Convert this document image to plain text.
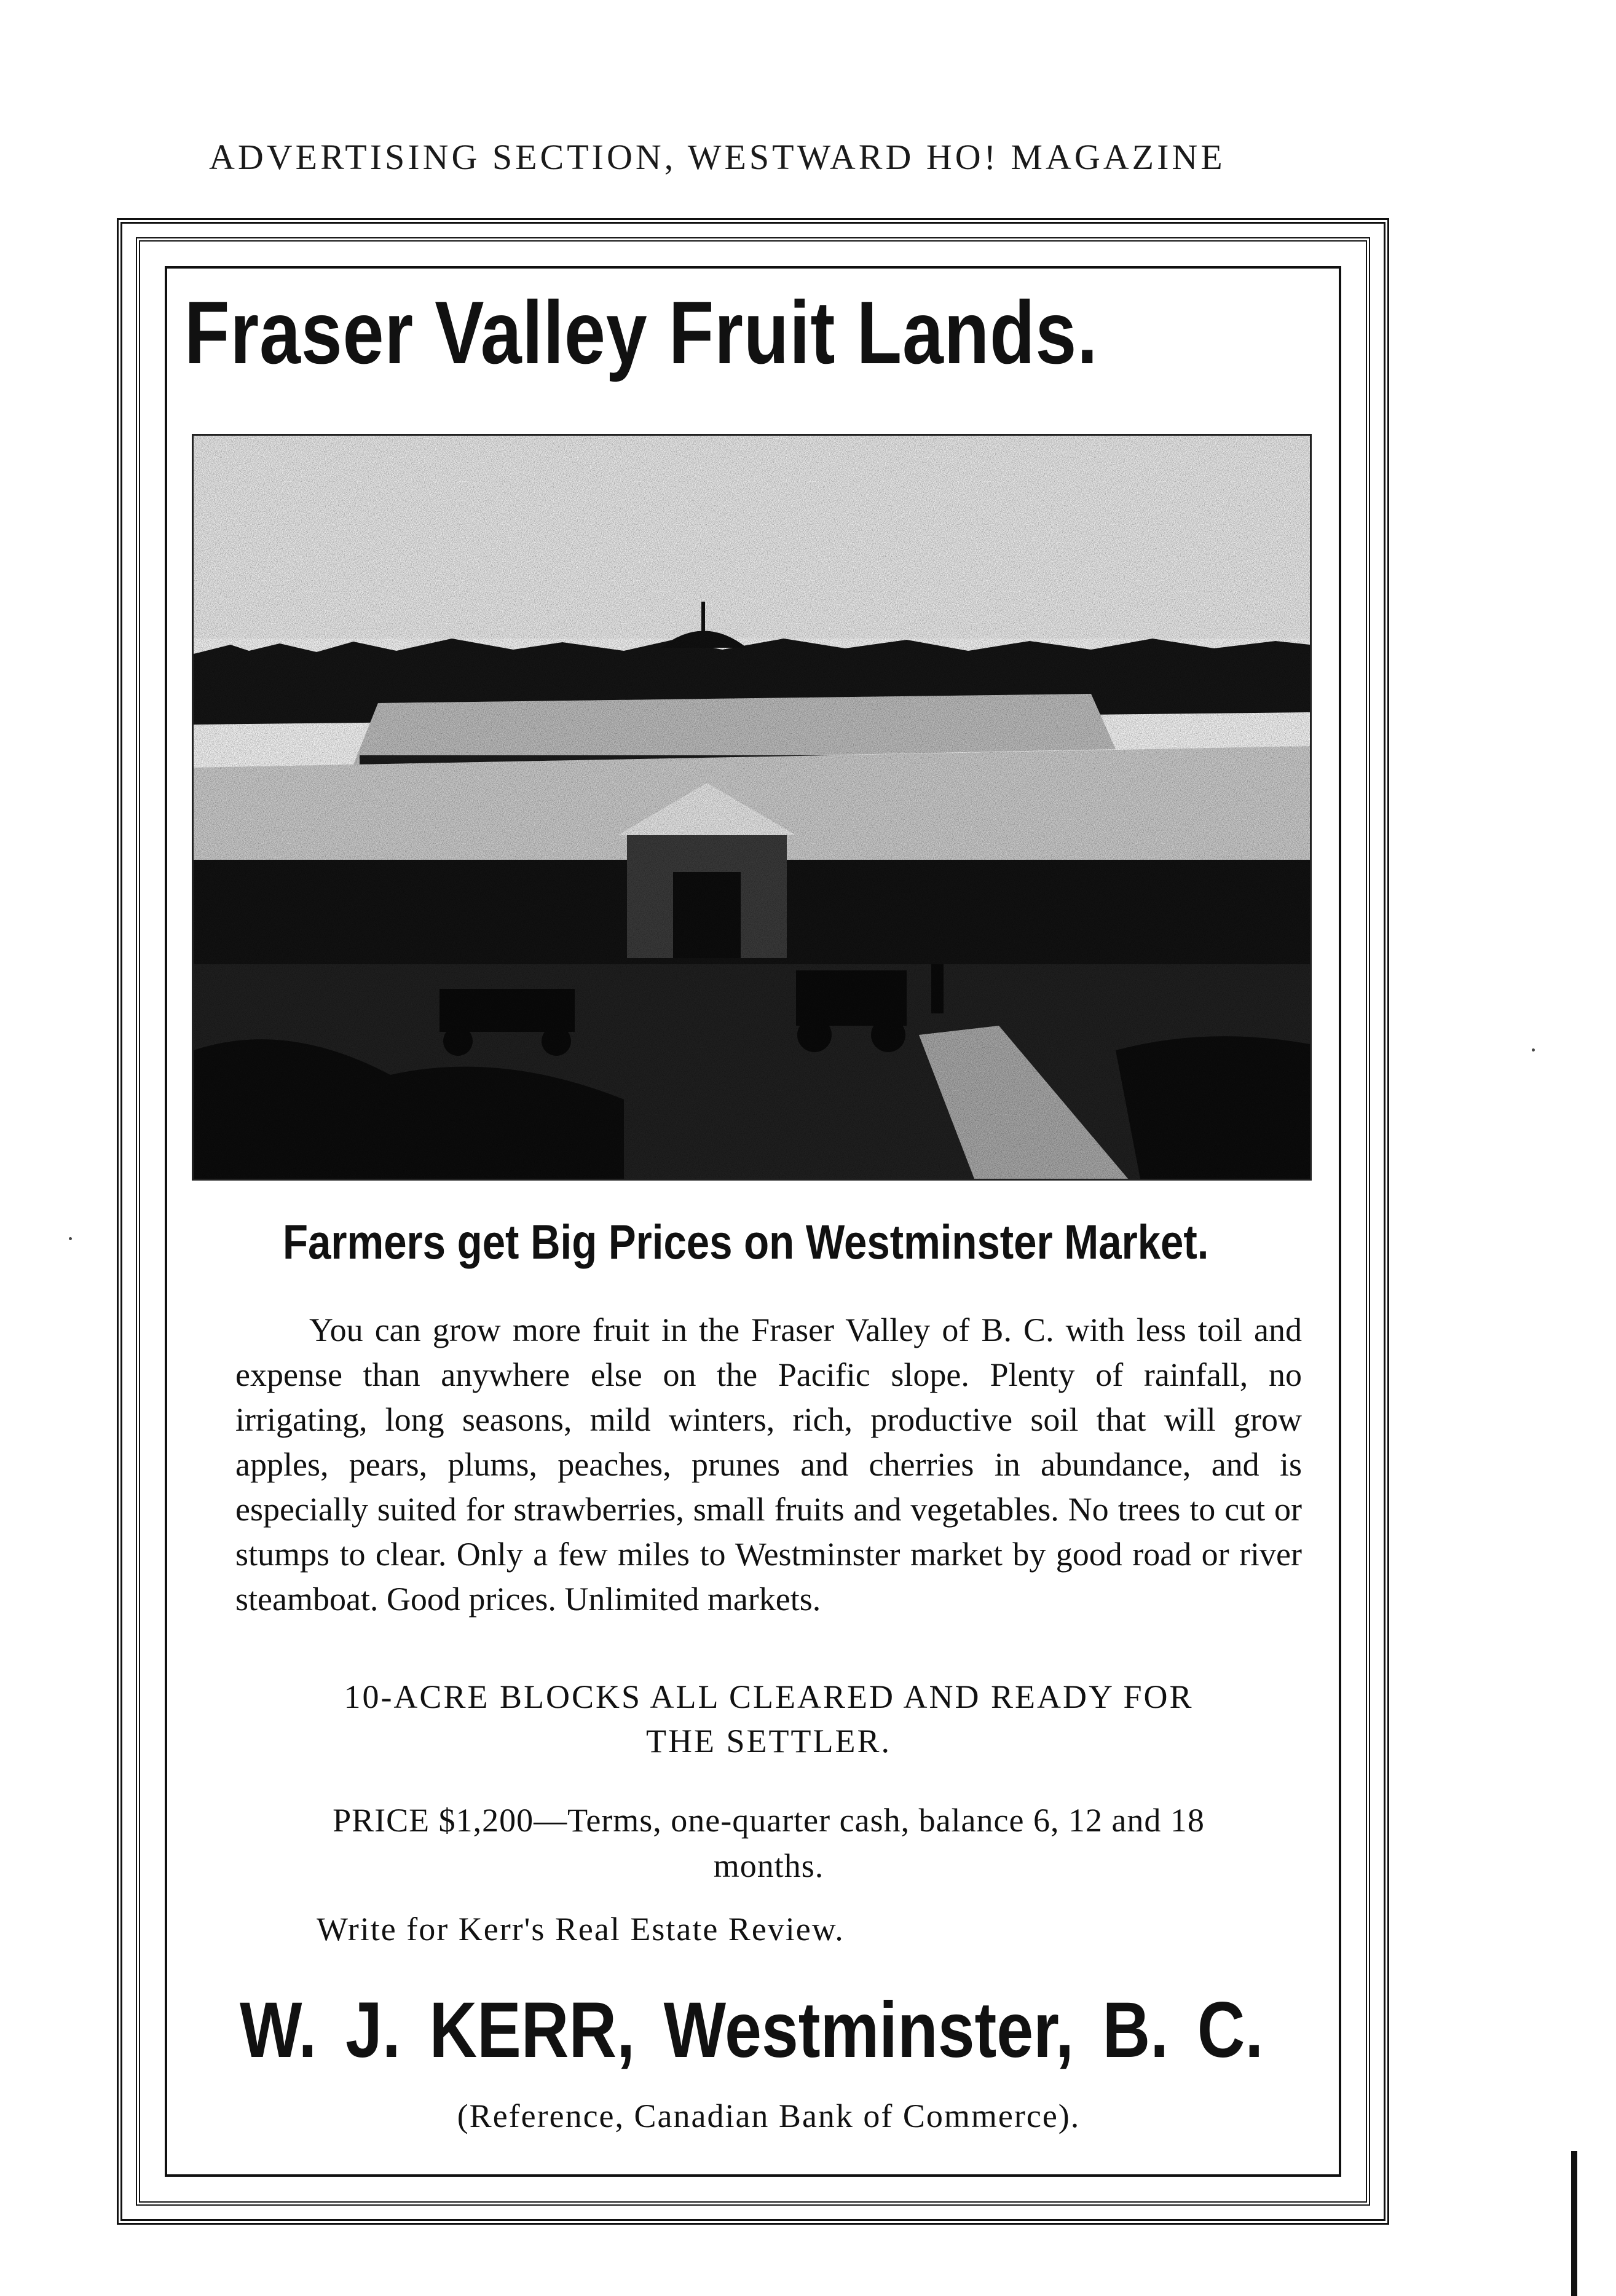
ADVERTISING SECTION, WESTWARD HO! MAGAZINE
Fraser Valley Fruit Lands.
Farmers get Big Prices on Westminster Market.
You can grow more fruit in the Fraser Valley of B. C. with less toil and expense than anywhere else on the Pacific slope. Plenty of rainfall, no irrigating, long seasons, mild winters, rich, productive soil that will grow apples, pears, plums, peaches, prunes and cherries in abundance, and is especially suited for strawberries, small fruits and vegetables. No trees to cut or stumps to clear. Only a few miles to Westminster market by good road or river steamboat. Good prices. Unlimited markets.
10-ACRE BLOCKS ALL CLEARED AND READY FOR
THE SETTLER.
PRICE $1,200—Terms, one-quarter cash, balance 6, 12 and 18
months.
Write for Kerr's Real Estate Review.
W. J. KERR, Westminster, B. C.
(Reference, Canadian Bank of Commerce).
